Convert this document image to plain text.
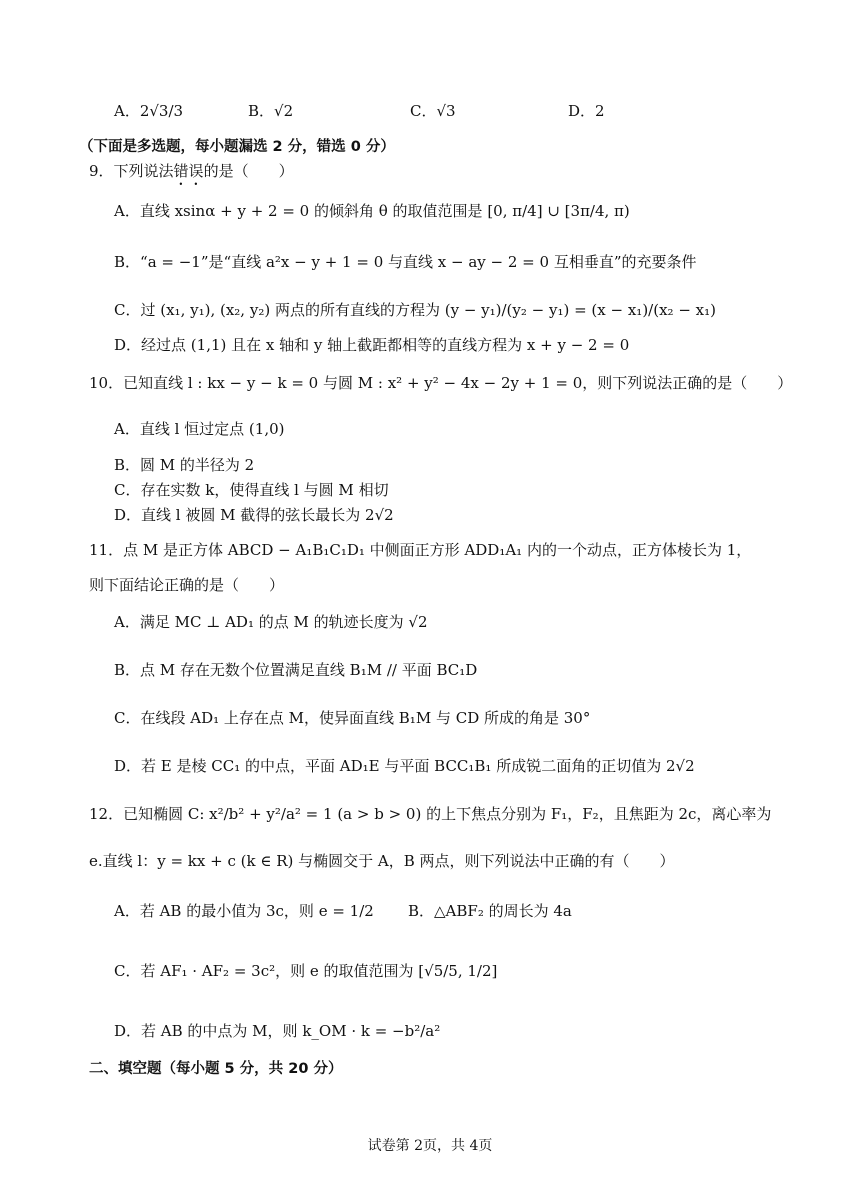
A．2√3/3	B．√2	C．√3	D．2
（下面是多选题，每小题漏选 2 分，错选 0 分）
9．下列说法错误的是（　　）
A．直线 xsinα + y + 2 = 0 的倾斜角 θ 的取值范围是 [0, π/4] ∪ [3π/4, π)
B．“a = −1”是“直线 a²x − y + 1 = 0 与直线 x − ay − 2 = 0 互相垂直”的充要条件
C．过 (x₁, y₁), (x₂, y₂) 两点的所有直线的方程为 (y − y₁)/(y₂ − y₁) = (x − x₁)/(x₂ − x₁)
D．经过点 (1,1) 且在 x 轴和 y 轴上截距都相等的直线方程为 x + y − 2 = 0
10．已知直线 l : kx − y − k = 0 与圆 M : x² + y² − 4x − 2y + 1 = 0，则下列说法正确的是（　　）
A．直线 l 恒过定点 (1,0)
B．圆 M 的半径为 2
C．存在实数 k，使得直线 l 与圆 M 相切
D．直线 l 被圆 M 截得的弦长最长为 2√2
11．点 M 是正方体 ABCD − A₁B₁C₁D₁ 中侧面正方形 ADD₁A₁ 内的一个动点，正方体棱长为 1，
则下面结论正确的是（　　）
A．满足 MC ⊥ AD₁ 的点 M 的轨迹长度为 √2
B．点 M 存在无数个位置满足直线 B₁M // 平面 BC₁D
C．在线段 AD₁ 上存在点 M，使异面直线 B₁M 与 CD 所成的角是 30°
D．若 E 是棱 CC₁ 的中点，平面 AD₁E 与平面 BCC₁B₁ 所成锐二面角的正切值为 2√2
12．已知椭圆 C: x²/b² + y²/a² = 1 (a > b > 0) 的上下焦点分别为 F₁，F₂，且焦距为 2c，离心率为
e.直线 l：y = kx + c (k ∈ R) 与椭圆交于 A，B 两点，则下列说法中正确的有（　　）
A．若 AB 的最小值为 3c，则 e = 1/2 B．△ABF₂ 的周长为 4a
C．若 AF₁ · AF₂ = 3c²，则 e 的取值范围为 [√5/5, 1/2]
D．若 AB 的中点为 M，则 k_OM · k = −b²/a²
二、填空题（每小题 5 分，共 20 分）
试卷第 2页，共 4页
